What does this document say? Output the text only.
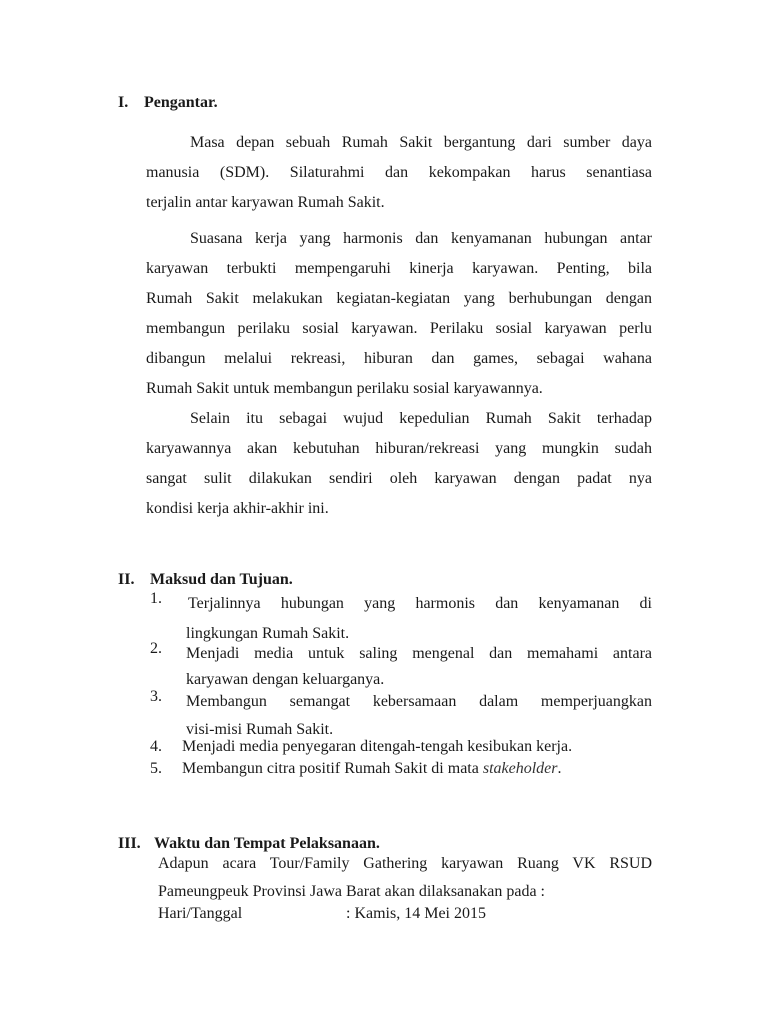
I. Pengantar.

Masa depan sebuah Rumah Sakit bergantung dari sumber daya
manusia (SDM). Silaturahmi dan kekompakan harus senantiasa
terjalin antar karyawan Rumah Sakit.

Suasana kerja yang harmonis dan kenyamanan hubungan antar
karyawan terbukti mempengaruhi kinerja karyawan. Penting, bila
Rumah Sakit melakukan kegiatan-kegiatan yang berhubungan dengan
membangun perilaku sosial karyawan. Perilaku sosial karyawan perlu
dibangun melalui rekreasi, hiburan dan games, sebagai wahana
Rumah Sakit untuk membangun perilaku sosial karyawannya.

Selain itu sebagai wujud kepedulian Rumah Sakit terhadap
karyawannya akan kebutuhan hiburan/rekreasi yang mungkin sudah
sangat sulit dilakukan sendiri oleh karyawan dengan padat nya
kondisi kerja akhir-akhir ini.

II. Maksud dan Tujuan.
1. Terjalinnya hubungan yang harmonis dan kenyamanan di
lingkungan Rumah Sakit.
2. Menjadi media untuk saling mengenal dan memahami antara
karyawan dengan keluarganya.
3. Membangun semangat kebersamaan dalam memperjuangkan
visi-misi Rumah Sakit.
4. Menjadi media penyegaran ditengah-tengah kesibukan kerja.
5. Membangun citra positif Rumah Sakit di mata stakeholder.
III. Waktu dan Tempat Pelaksanaan.
Adapun acara Tour/Family Gathering karyawan Ruang VK RSUD
Pameungpeuk Provinsi Jawa Barat akan dilaksanakan pada :
Hari/Tanggal	: Kamis, 14 Mei 2015
